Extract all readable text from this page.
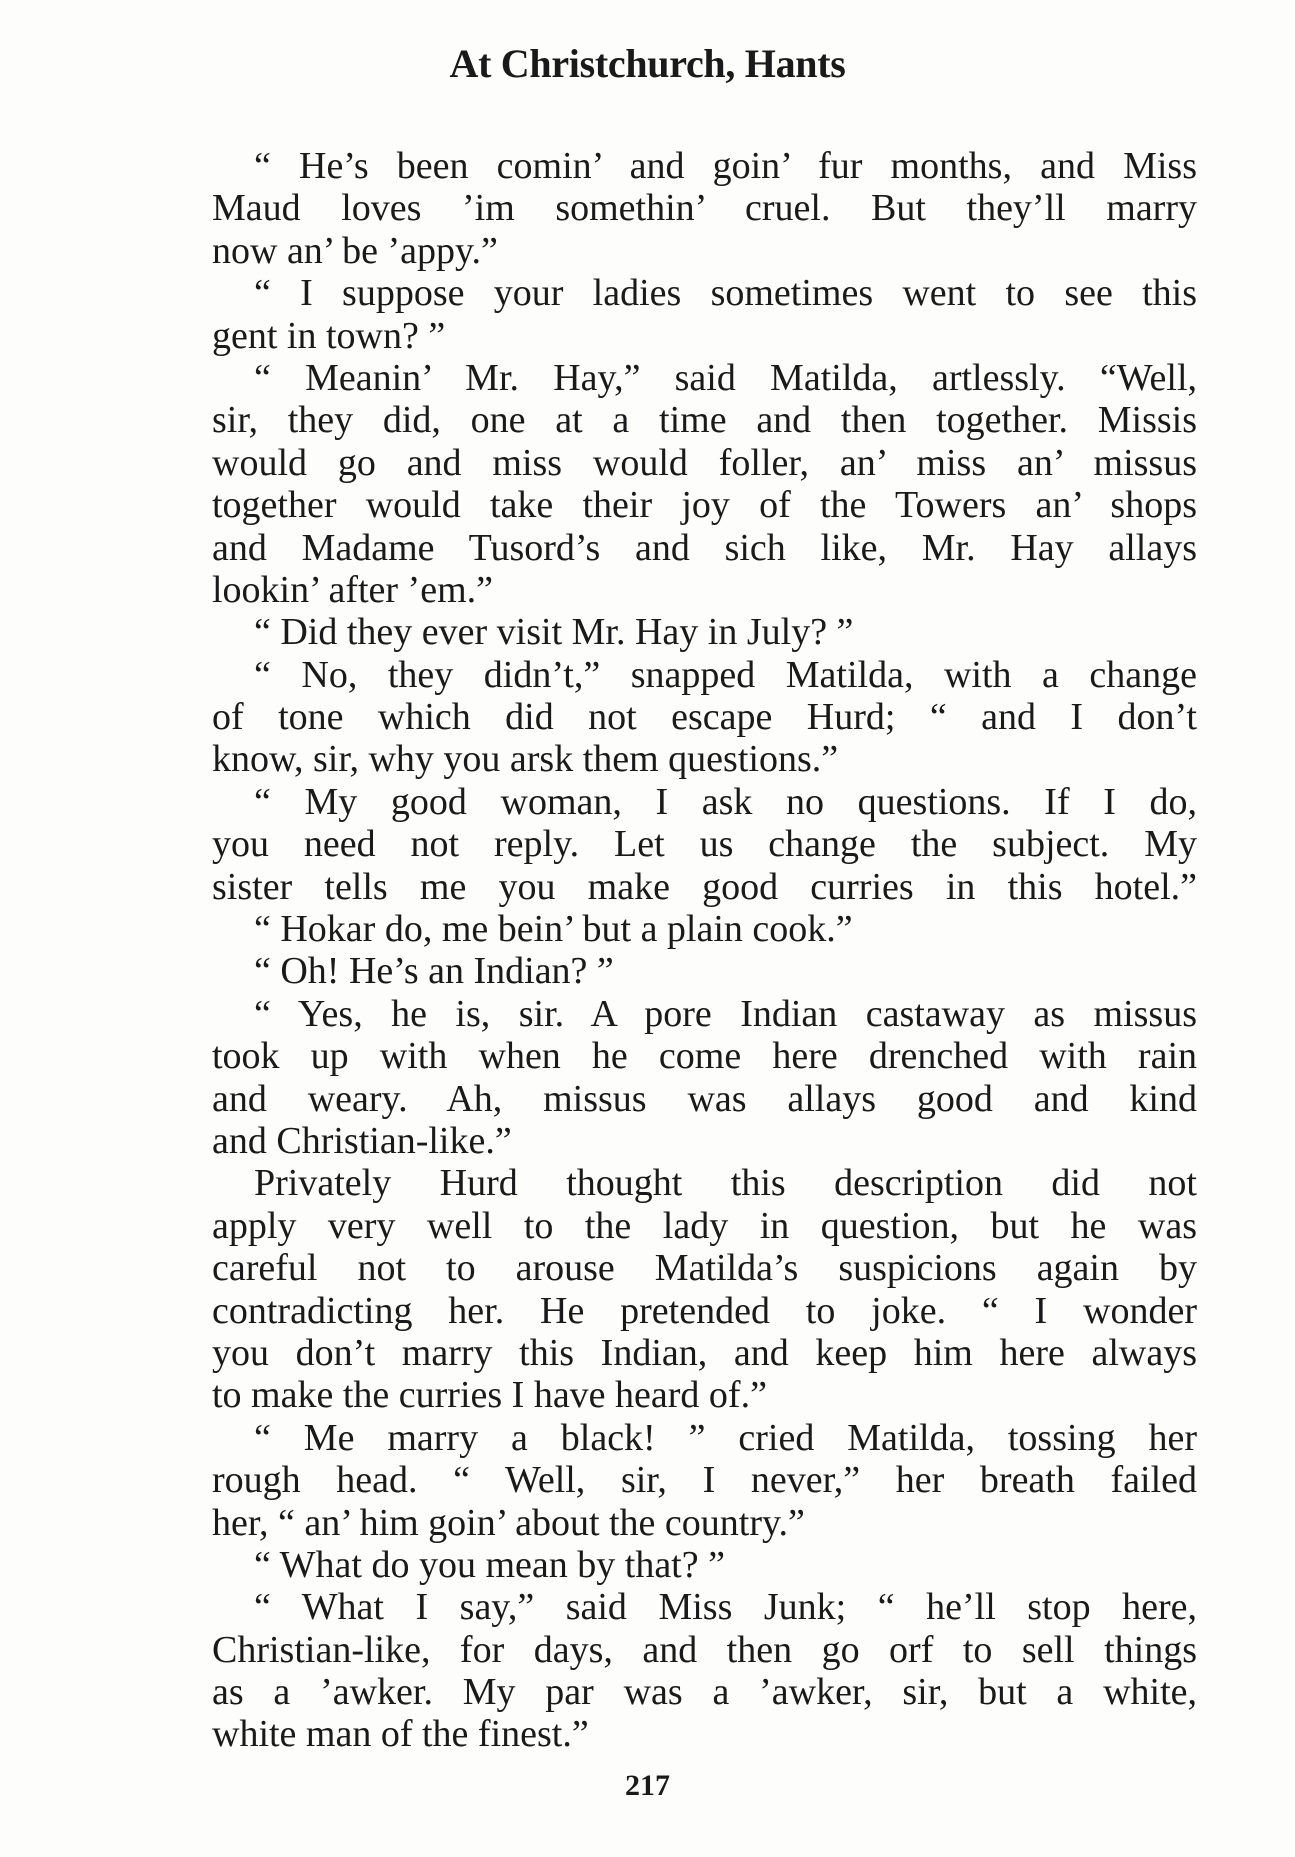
At Christchurch, Hants
“ He’s been comin’ and goin’ fur months, and Miss
Maud loves ’im somethin’ cruel. But they’ll marry
now an’ be ’appy.”
“ I suppose your ladies sometimes went to see this
gent in town? ”
“ Meanin’ Mr. Hay,” said Matilda, artlessly. “Well,
sir, they did, one at a time and then together. Missis
would go and miss would foller, an’ miss an’ missus
together would take their joy of the Towers an’ shops
and Madame Tusord’s and sich like, Mr. Hay allays
lookin’ after ’em.”
“ Did they ever visit Mr. Hay in July? ”
“ No, they didn’t,” snapped Matilda, with a change
of tone which did not escape Hurd; “ and I don’t
know, sir, why you arsk them questions.”
“ My good woman, I ask no questions. If I do,
you need not reply. Let us change the subject. My
sister tells me you make good curries in this hotel.”
“ Hokar do, me bein’ but a plain cook.”
“ Oh! He’s an Indian? ”
“ Yes, he is, sir. A pore Indian castaway as missus
took up with when he come here drenched with rain
and weary. Ah, missus was allays good and kind
and Christian-like.”
Privately Hurd thought this description did not
apply very well to the lady in question, but he was
careful not to arouse Matilda’s suspicions again by
contradicting her. He pretended to joke. “ I wonder
you don’t marry this Indian, and keep him here always
to make the curries I have heard of.”
“ Me marry a black! ” cried Matilda, tossing her
rough head. “ Well, sir, I never,” her breath failed
her, “ an’ him goin’ about the country.”
“ What do you mean by that? ”
“ What I say,” said Miss Junk; “ he’ll stop here,
Christian-like, for days, and then go orf to sell things
as a ’awker. My par was a ’awker, sir, but a white,
white man of the finest.”
217
